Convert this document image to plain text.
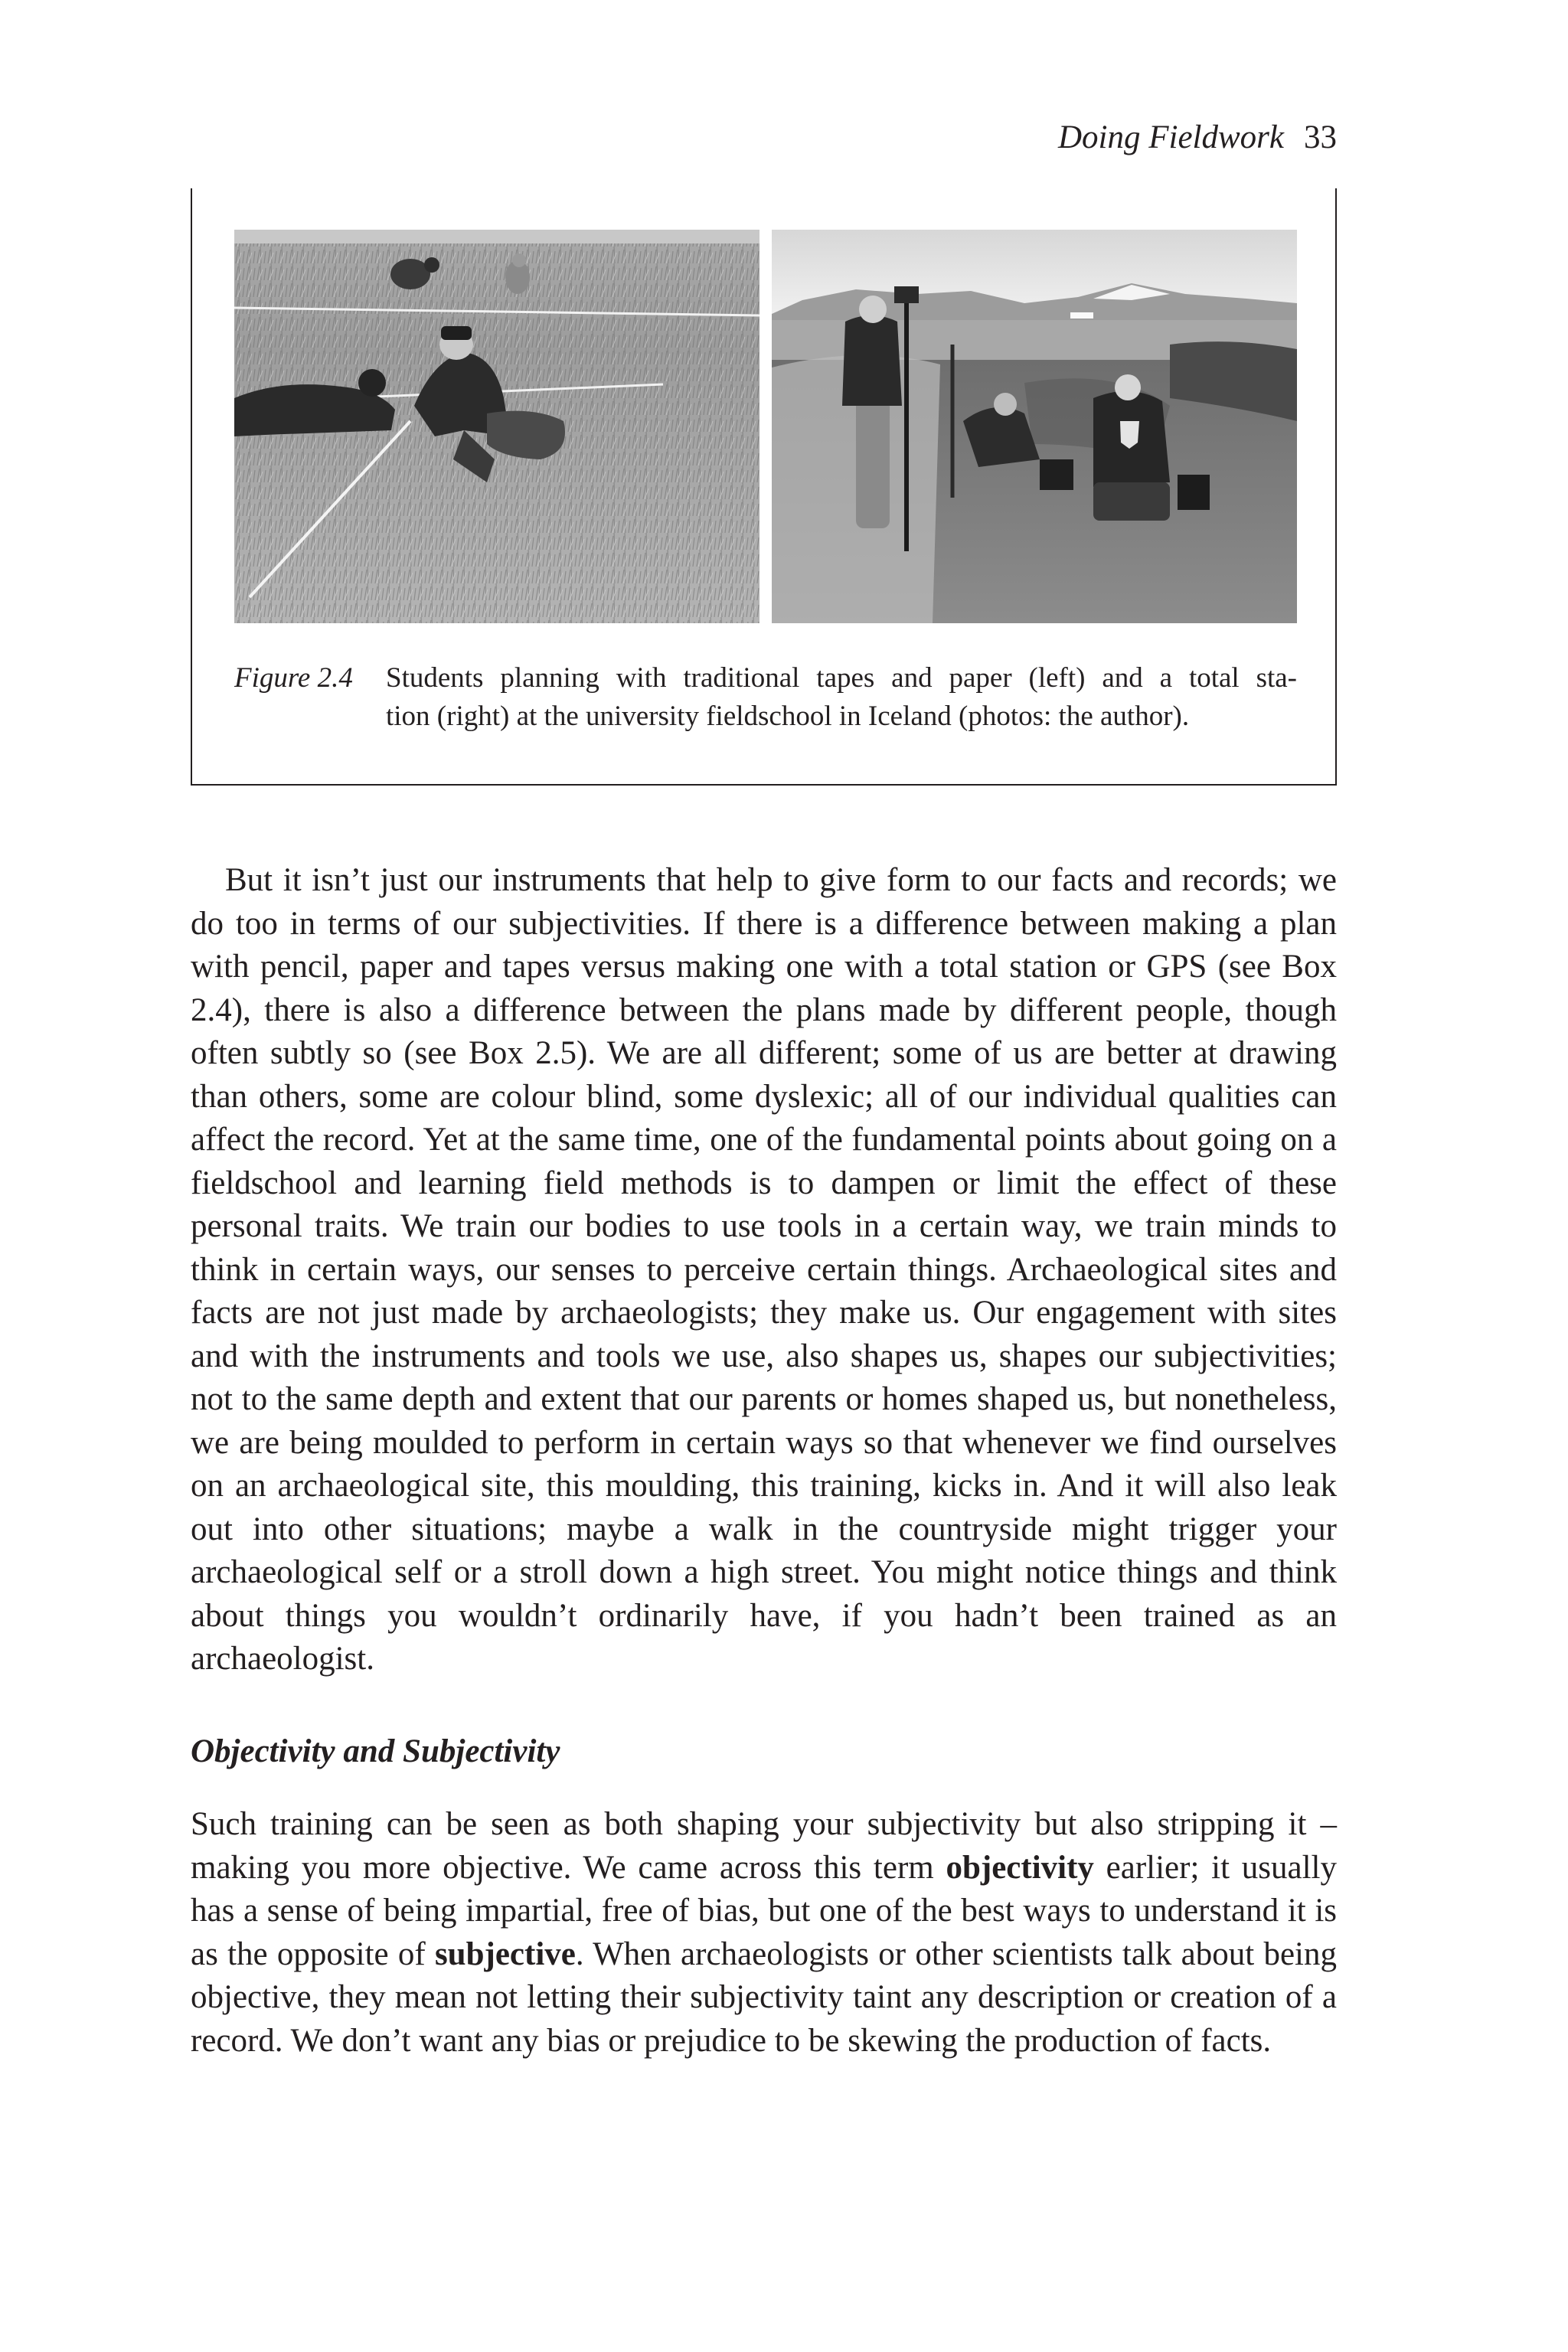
Doing Fieldwork 33
Figure 2.4 Students planning with traditional tapes and paper (left) and a total sta-
tion (right) at the university fieldschool in Iceland (photos: the author).

But it isn’t just our instruments that help to give form to our facts and records; we do too in terms of our subjectivities. If there is a difference between making a plan with pencil, paper and tapes versus making one with a total station or GPS (see Box 2.4), there is also a difference between the plans made by different people, though often subtly so (see Box 2.5). We are all different; some of us are better at drawing than others, some are colour blind, some dyslexic; all of our individual qualities can affect the record. Yet at the same time, one of the fundamental points about going on a fieldschool and learning field methods is to dampen or limit the effect of these personal traits. We train our bodies to use tools in a certain way, we train minds to think in certain ways, our senses to perceive certain things. Archaeological sites and facts are not just made by archaeologists; they make us. Our engagement with sites and with the instruments and tools we use, also shapes us, shapes our subjectivities; not to the same depth and extent that our parents or homes shaped us, but nonetheless, we are being moulded to perform in certain ways so that whenever we find ourselves on an archaeological site, this moulding, this training, kicks in. And it will also leak out into other situations; maybe a walk in the countryside might trigger your archaeological self or a stroll down a high street. You might notice things and think about things you wouldn’t ordinarily have, if you hadn’t been trained as an archaeologist.

Objectivity and Subjectivity

Such training can be seen as both shaping your subjectivity but also stripping it – making you more objective. We came across this term objectivity earlier; it usually has a sense of being impartial, free of bias, but one of the best ways to understand it is as the opposite of subjective. When archaeologists or other scientists talk about being objective, they mean not letting their subjectivity taint any description or creation of a record. We don’t want any bias or prejudice to be skewing the production of facts.
